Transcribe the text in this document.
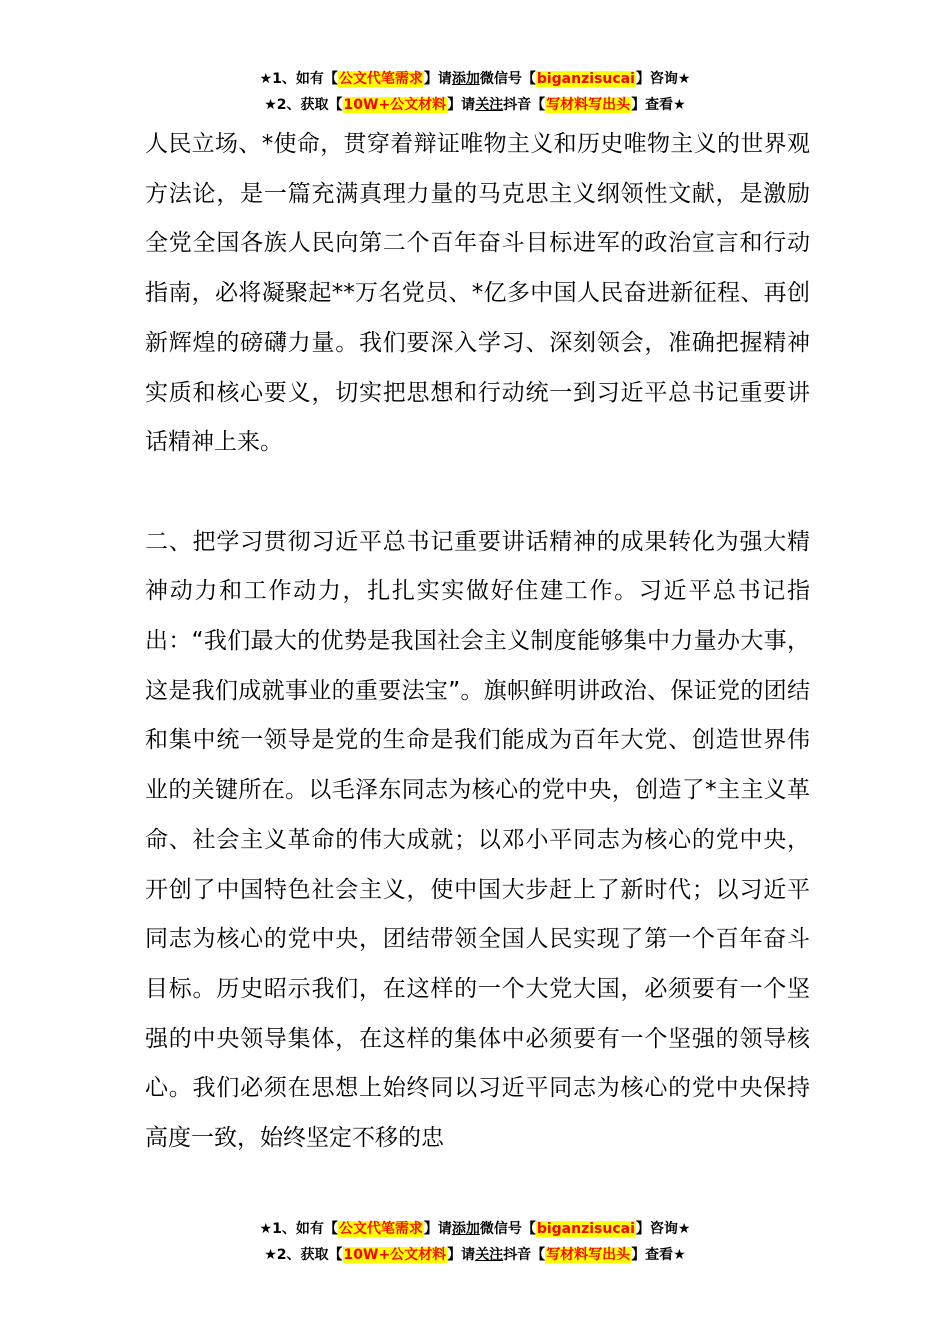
★1、如有【公文代笔需求】请添加微信号【biganzisucai】咨询★
★2、获取【10W+公文材料】请关注抖音【写材料写出头】查看★

人民立场、*使命，贯穿着辩证唯物主义和历史唯物主义的世界观方法论，是一篇充满真理力量的马克思主义纲领性文献，是激励全党全国各族人民向第二个百年奋斗目标进军的政治宣言和行动指南，必将凝聚起**万名党员、*亿多中国人民奋进新征程、再创新辉煌的磅礴力量。我们要深入学习、深刻领会，准确把握精神实质和核心要义，切实把思想和行动统一到习近平总书记重要讲话精神上来。

二、把学习贯彻习近平总书记重要讲话精神的成果转化为强大精神动力和工作动力，扎扎实实做好住建工作。习近平总书记指出：“我们最大的优势是我国社会主义制度能够集中力量办大事，这是我们成就事业的重要法宝”。旗帜鲜明讲政治、保证党的团结和集中统一领导是党的生命是我们能成为百年大党、创造世界伟业的关键所在。以毛泽东同志为核心的党中央，创造了*主主义革命、社会主义革命的伟大成就；以邓小平同志为核心的党中央，开创了中国特色社会主义，使中国大步赶上了新时代；以习近平同志为核心的党中央，团结带领全国人民实现了第一个百年奋斗目标。历史昭示我们，在这样的一个大党大国，必须要有一个坚强的中央领导集体，在这样的集体中必须要有一个坚强的领导核心。我们必须在思想上始终同以习近平同志为核心的党中央保持高度一致，始终坚定不移的忠

★1、如有【公文代笔需求】请添加微信号【biganzisucai】咨询★
★2、获取【10W+公文材料】请关注抖音【写材料写出头】查看★
